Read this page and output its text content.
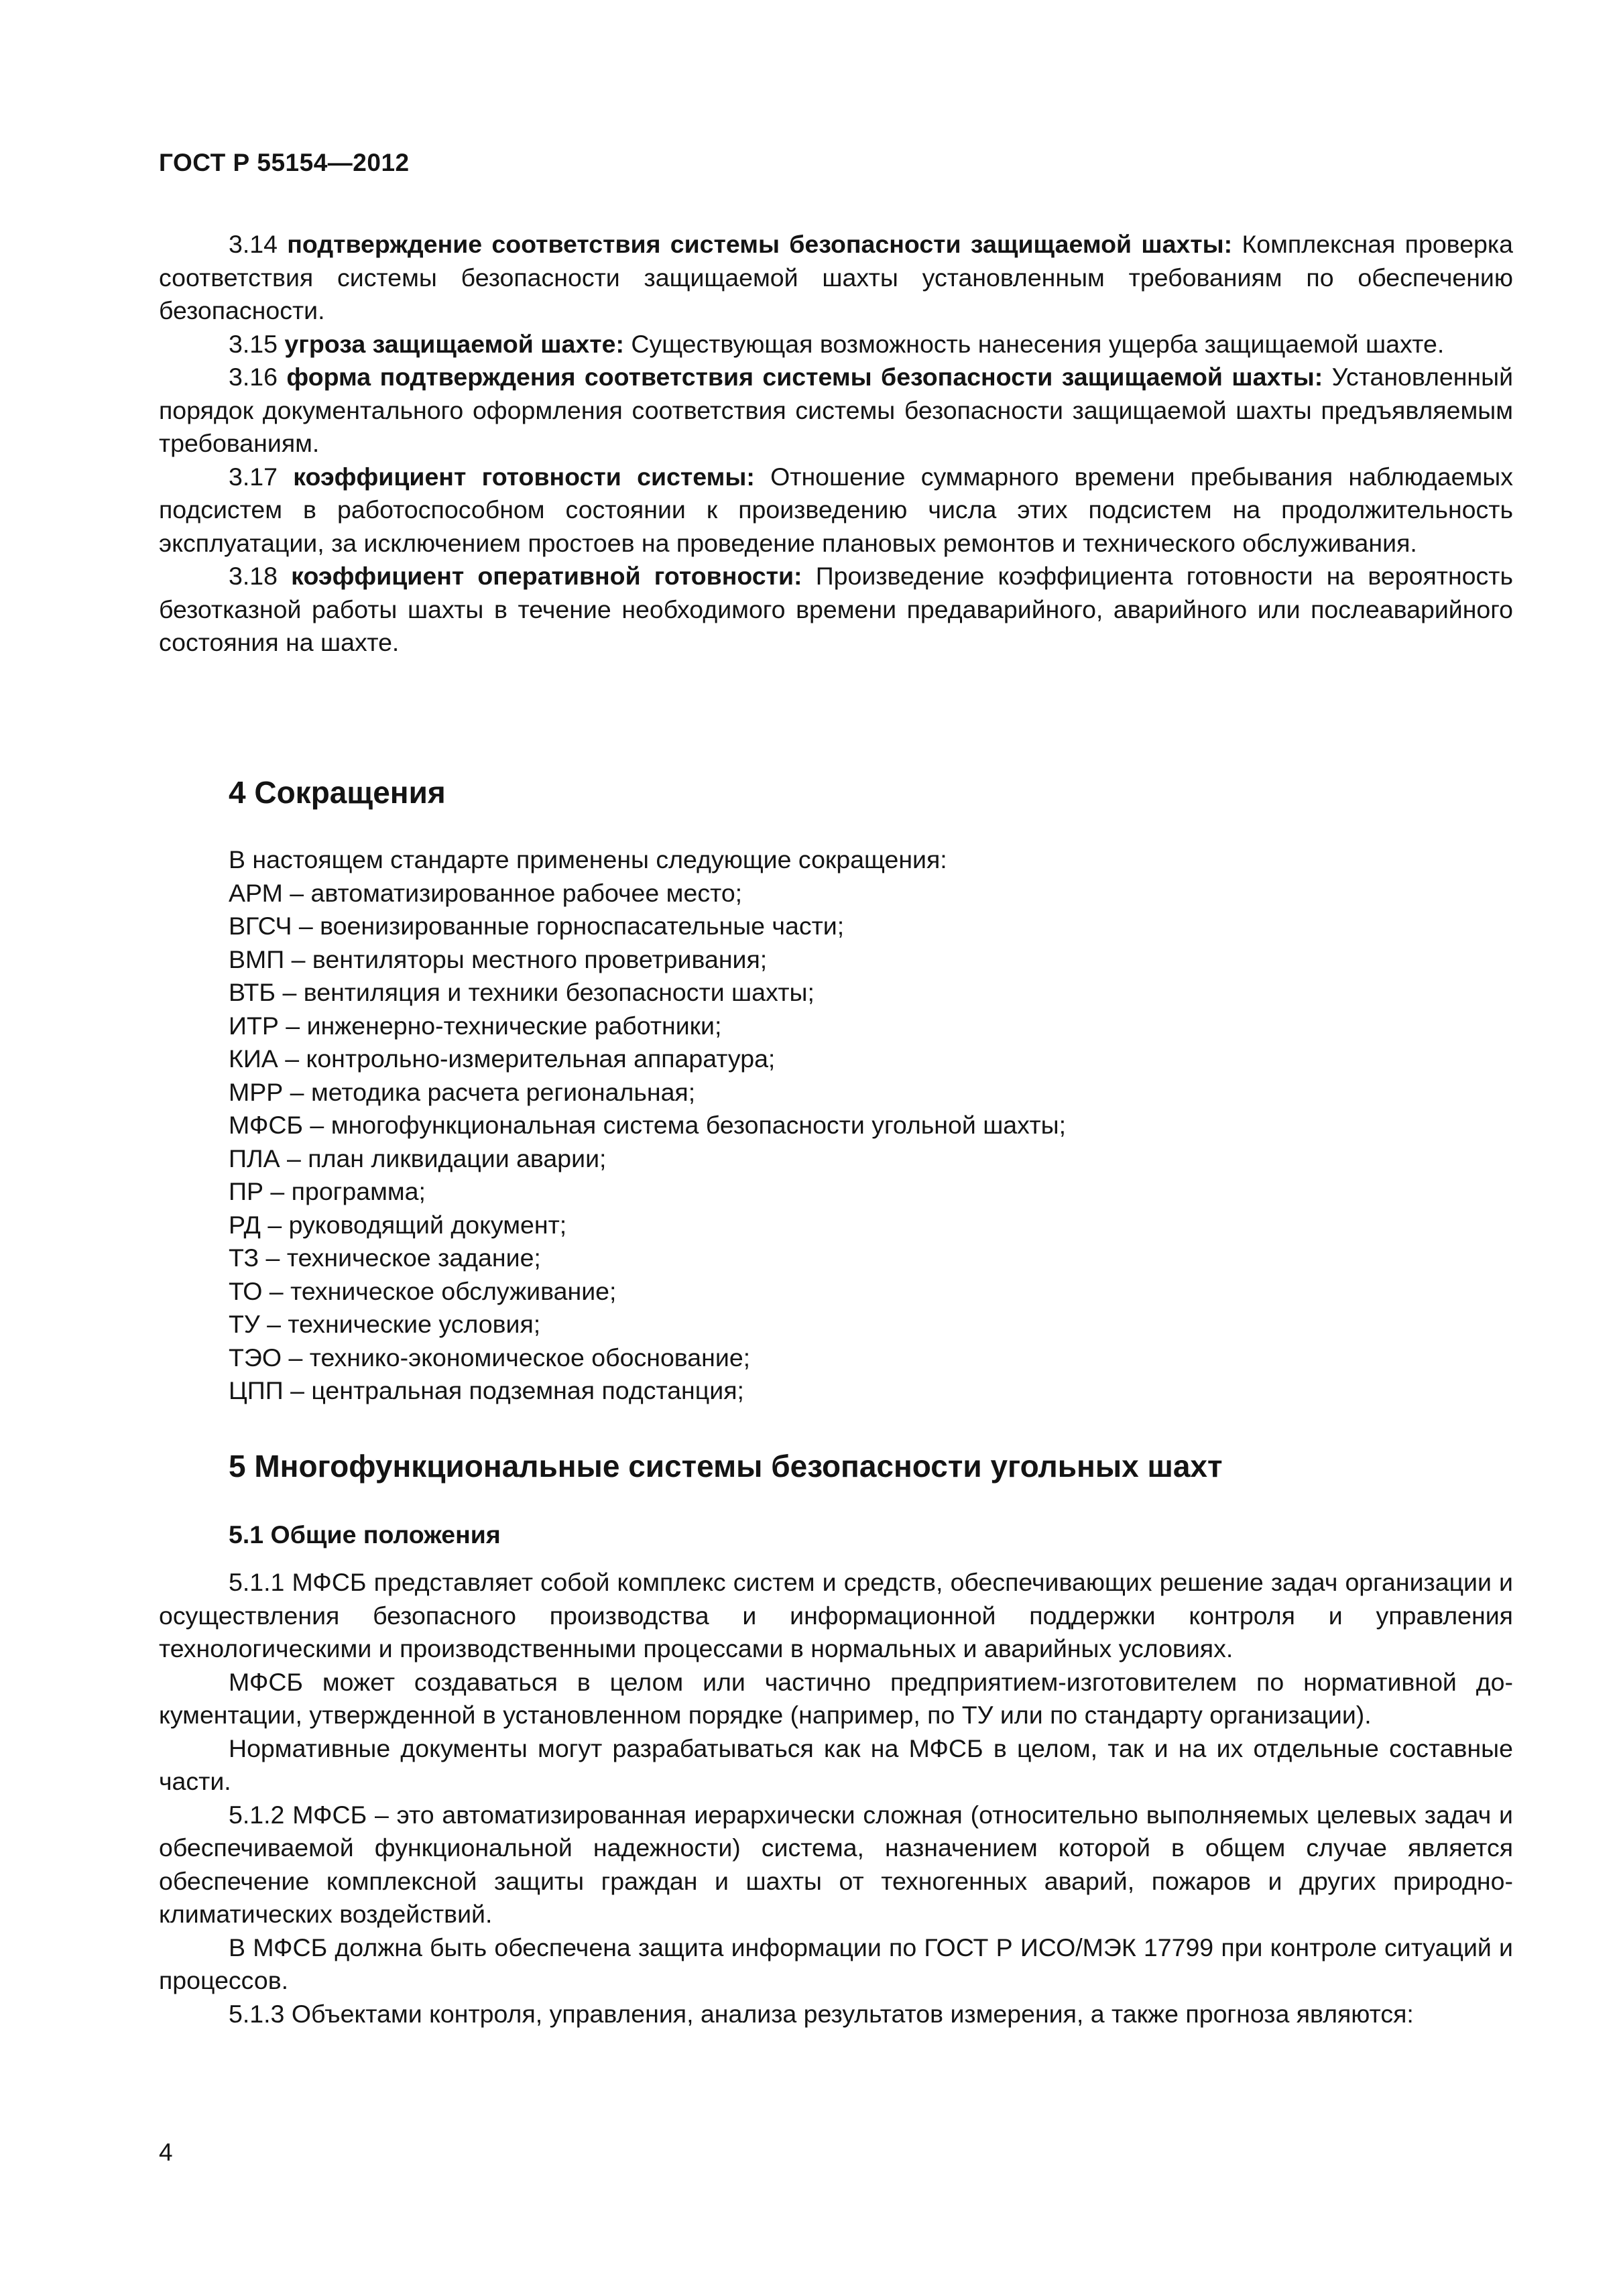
ГОСТ Р 55154—2012

3.14 подтверждение соответствия системы безопасности защищаемой шахты: Комплексная проверка соответствия системы безопасности защищаемой шахты установленным требованиям по обеспечению безопасности.

3.15 угроза защищаемой шахте: Существующая возможность нанесения ущерба защищаемой шахте.

3.16 форма подтверждения соответствия системы безопасности защищаемой шахты: Установленный порядок документального оформления соответствия системы безопасности защищаемой шахты предъявляемым требованиям.

3.17 коэффициент готовности системы: Отношение суммарного времени пребывания наблюдаемых подсистем в работоспособном состоянии к произведению числа этих подсистем на продолжительность эксплуатации, за исключением простоев на проведение плановых ремонтов и технического обслуживания.

3.18 коэффициент оперативной готовности: Произведение коэффициента готовности на вероятность безотказной работы шахты в течение необходимого времени предаварийного, аварийного или послеаварийного состояния на шахте.

4 Сокращения
В настоящем стандарте применены следующие сокращения:
АРМ – автоматизированное рабочее место;
ВГСЧ – военизированные горноспасательные части;
ВМП – вентиляторы местного проветривания;
ВТБ – вентиляция и техники безопасности шахты;
ИТР – инженерно-технические работники;
КИА – контрольно-измерительная аппаратура;
МРР – методика расчета региональная;
МФСБ – многофункциональная система безопасности угольной шахты;
ПЛА – план ликвидации аварии;
ПР – программа;
РД – руководящий документ;
ТЗ – техническое задание;
ТО – техническое обслуживание;
ТУ – технические условия;
ТЭО – технико-экономическое обоснование;
ЦПП – центральная подземная подстанция;
5 Многофункциональные системы безопасности угольных шахт
5.1 Общие положения

5.1.1 МФСБ представляет собой комплекс систем и средств, обеспечивающих решение задач организации и осуществления безопасного производства и информационной поддержки контроля и управления технологическими и производственными процессами в нормальных и аварийных условиях.

МФСБ может создаваться в целом или частично предприятием-изготовителем по нормативной документации, утвержденной в установленном порядке (например, по ТУ или по стандарту организации).

Нормативные документы могут разрабатываться как на МФСБ в целом, так и на их отдельные составные части.

5.1.2 МФСБ – это автоматизированная иерархически сложная (относительно выполняемых целевых задач и обеспечиваемой функциональной надежности) система, назначением которой в общем случае является обеспечение комплексной защиты граждан и шахты от техногенных аварий, пожаров и других природно-климатических воздействий.

В МФСБ должна быть обеспечена защита информации по ГОСТ Р ИСО/МЭК 17799 при контроле ситуаций и процессов.

5.1.3 Объектами контроля, управления, анализа результатов измерения, а также прогноза являются:

4
